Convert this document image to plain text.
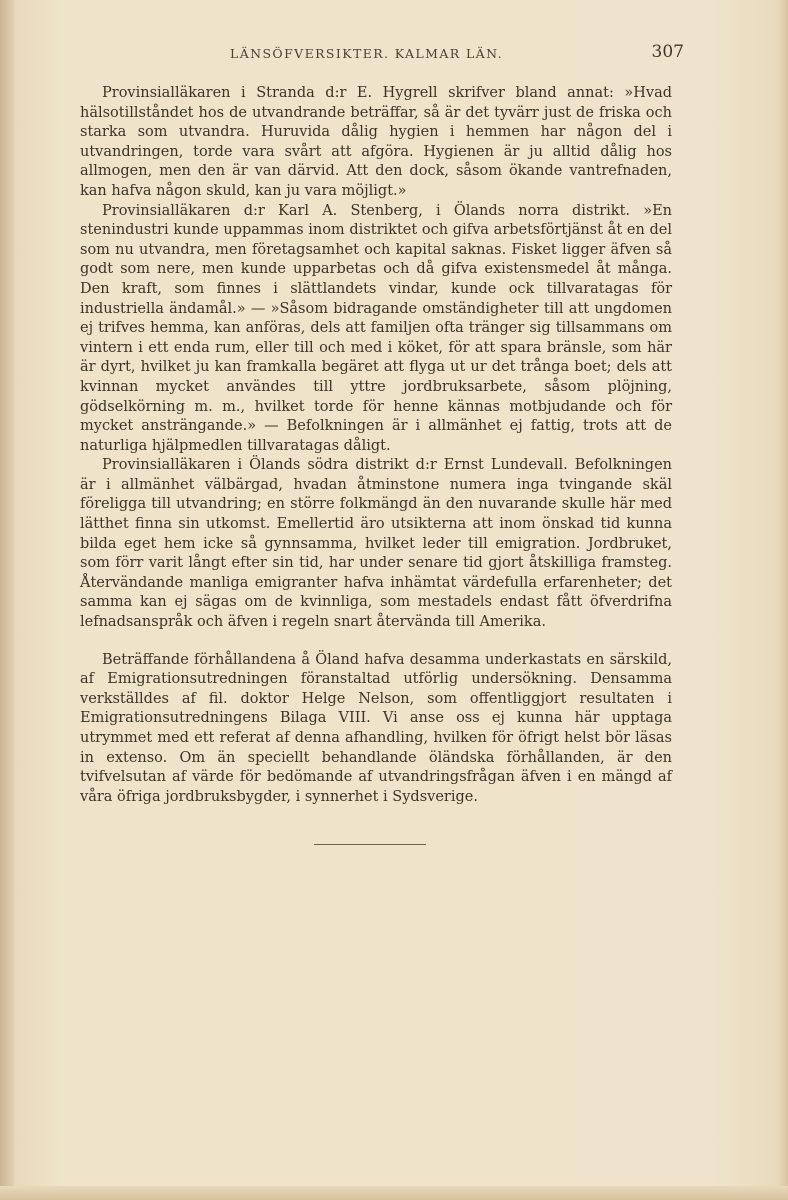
LÄNSÖFVERSIKTER. KALMAR LÄN.	307

Provinsialläkaren i Stranda d:r E. Hygrell skrifver bland annat: »Hvad hälsotillståndet hos de utvandrande beträffar, så är det tyvärr just de friska och starka som utvandra. Huruvida dålig hygien i hemmen har någon del i utvandringen, torde vara svårt att afgöra. Hygienen är ju alltid dålig hos allmogen, men den är van därvid. Att den dock, såsom ökande vantrefnaden, kan hafva någon skuld, kan ju vara möjligt.»

Provinsialläkaren d:r Karl A. Stenberg, i Ölands norra distrikt. »En stenindustri kunde uppammas inom distriktet och gifva arbetsförtjänst åt en del som nu utvandra, men företagsamhet och kapital saknas. Fisket ligger äfven så godt som nere, men kunde upparbetas och då gifva existensmedel åt många. Den kraft, som finnes i slättlandets vindar, kunde ock tillvaratagas för industriella ändamål.» — »Såsom bidragande omständigheter till att ungdomen ej trifves hemma, kan anföras, dels att familjen ofta tränger sig tillsammans om vintern i ett enda rum, eller till och med i köket, för att spara bränsle, som här är dyrt, hvilket ju kan framkalla begäret att flyga ut ur det trånga boet; dels att kvinnan mycket användes till yttre jordbruksarbete, såsom plöjning, gödselkörning m. m., hvilket torde för henne kännas motbjudande och för mycket ansträngande.» — Befolkningen är i allmänhet ej fattig, trots att de naturliga hjälpmedlen tillvaratagas dåligt.

Provinsialläkaren i Ölands södra distrikt d:r Ernst Lundevall. Befolkningen är i allmänhet välbärgad, hvadan åtminstone numera inga tvingande skäl föreligga till utvandring; en större folkmängd än den nuvarande skulle här med lätthet finna sin utkomst. Emellertid äro utsikterna att inom önskad tid kunna bilda eget hem icke så gynnsamma, hvilket leder till emigration. Jordbruket, som förr varit långt efter sin tid, har under senare tid gjort åtskilliga framsteg. Återvändande manliga emigranter hafva inhämtat värdefulla erfarenheter; det samma kan ej sägas om de kvinnliga, som mestadels endast fått öfverdrifna lefnadsanspråk och äfven i regeln snart återvända till Amerika.

Beträffande förhållandena å Öland hafva desamma underkastats en särskild, af Emigrationsutredningen föranstaltad utförlig undersökning. Densamma verkställdes af fil. doktor Helge Nelson, som offentliggjort resultaten i Emigrationsutredningens Bilaga VIII. Vi anse oss ej kunna här upptaga utrymmet med ett referat af denna afhandling, hvilken för öfrigt helst bör läsas in extenso. Om än speciellt behandlande öländska förhållanden, är den tvifvelsutan af värde för bedömande af utvandringsfrågan äfven i en mängd af våra öfriga jordbruksbygder, i synnerhet i Sydsverige.
